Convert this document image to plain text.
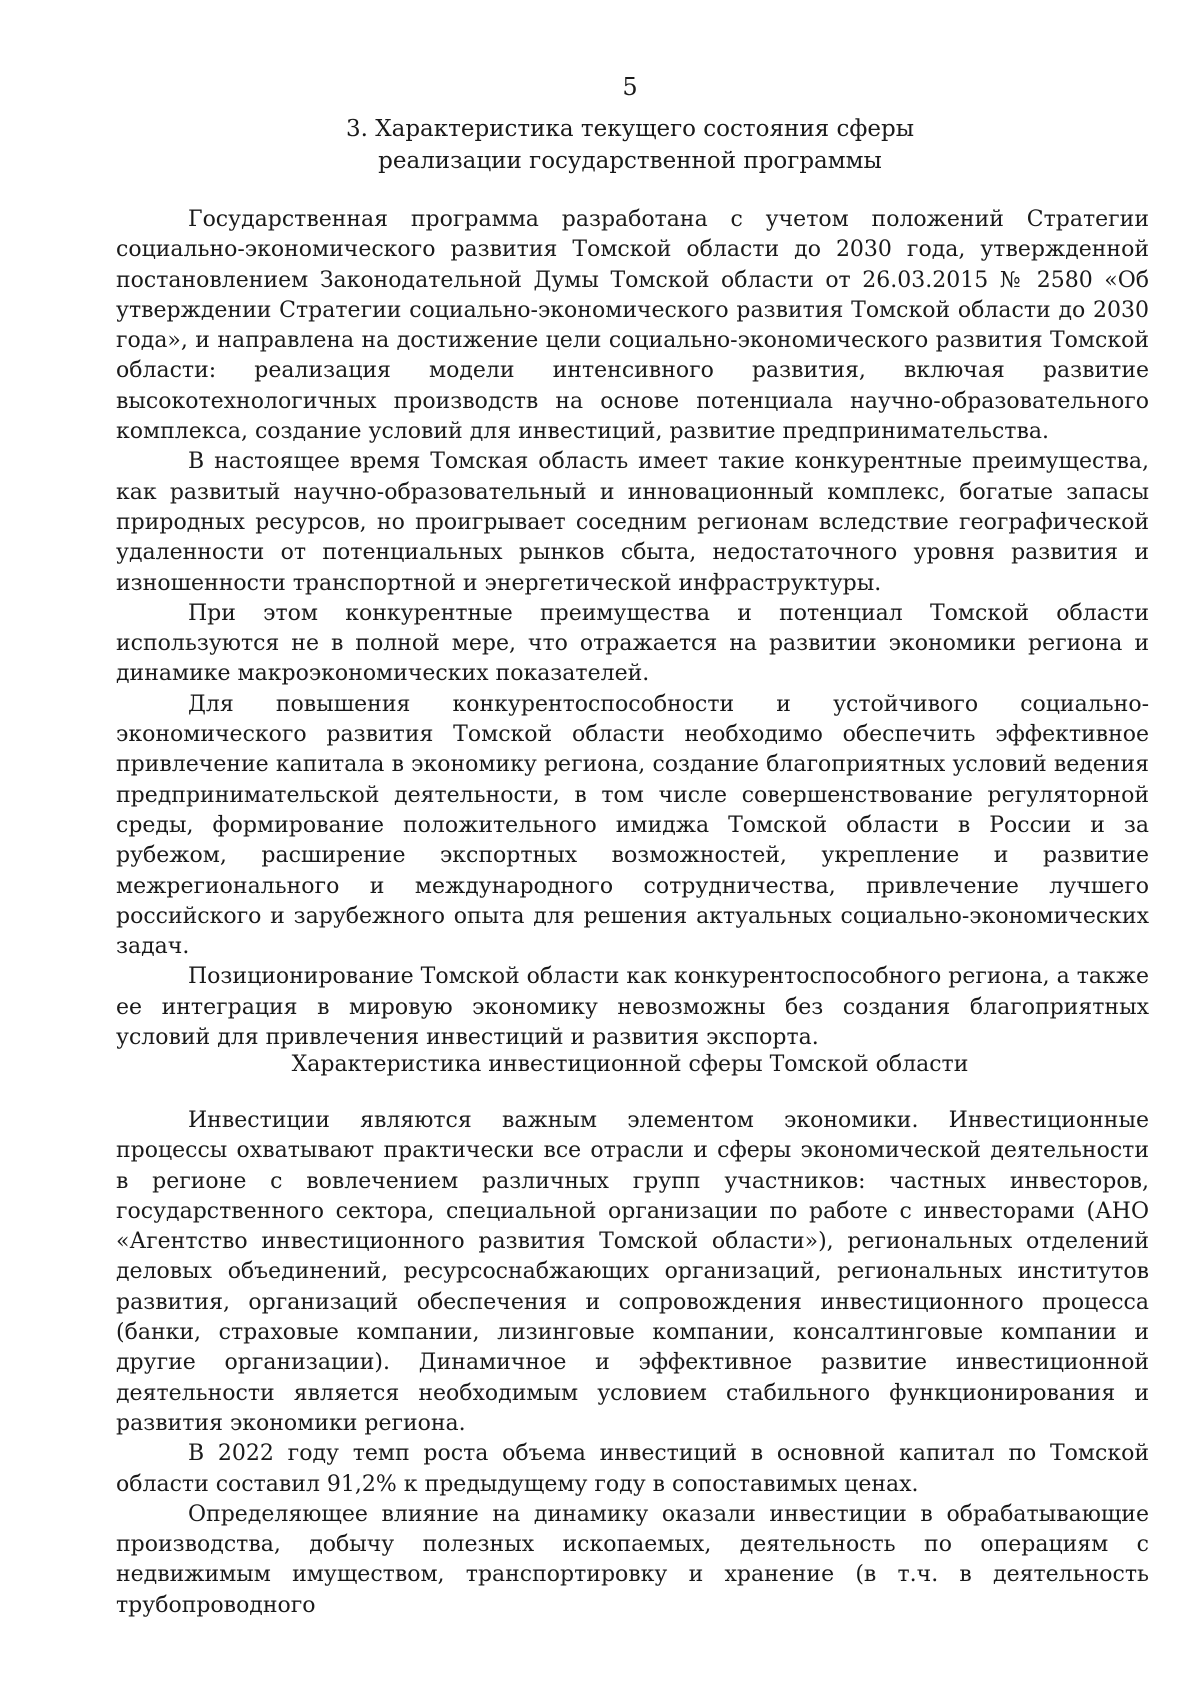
5
3. Характеристика текущего состояния сферы
реализации государственной программы

Государственная программа разработана с учетом положений Стратегии социально-экономического развития Томской области до 2030 года, утвержденной постановлением Законодательной Думы Томской области от 26.03.2015 № 2580 «Об утверждении Стратегии социально-экономического развития Томской области до 2030 года», и направлена на достижение цели социально-экономического развития Томской области: реализация модели интенсивного развития, включая развитие высокотехнологичных производств на основе потенциала научно-образовательного комплекса, создание условий для инвестиций, развитие предпринимательства.

В настоящее время Томская область имеет такие конкурентные преимущества, как развитый научно-образовательный и инновационный комплекс, богатые запасы природных ресурсов, но проигрывает соседним регионам вследствие географической удаленности от потенциальных рынков сбыта, недостаточного уровня развития и изношенности транспортной и энергетической инфраструктуры.

При этом конкурентные преимущества и потенциал Томской области используются не в полной мере, что отражается на развитии экономики региона и динамике макроэкономических показателей.

Для повышения конкурентоспособности и устойчивого социально-экономического развития Томской области необходимо обеспечить эффективное привлечение капитала в экономику региона, создание благоприятных условий ведения предпринимательской деятельности, в том числе совершенствование регуляторной среды, формирование положительного имиджа Томской области в России и за рубежом, расширение экспортных возможностей, укрепление и развитие межрегионального и международного сотрудничества, привлечение лучшего российского и зарубежного опыта для решения актуальных социально-экономических задач.

Позиционирование Томской области как конкурентоспособного региона, а также ее интеграция в мировую экономику невозможны без создания благоприятных условий для привлечения инвестиций и развития экспорта.

Характеристика инвестиционной сферы Томской области

Инвестиции являются важным элементом экономики. Инвестиционные процессы охватывают практически все отрасли и сферы экономической деятельности в регионе с вовлечением различных групп участников: частных инвесторов, государственного сектора, специальной организации по работе с инвесторами (АНО «Агентство инвестиционного развития Томской области»), региональных отделений деловых объединений, ресурсоснабжающих организаций, региональных институтов развития, организаций обеспечения и сопровождения инвестиционного процесса (банки, страховые компании, лизинговые компании, консалтинговые компании и другие организации). Динамичное и эффективное развитие инвестиционной деятельности является необходимым условием стабильного функционирования и развития экономики региона.

В 2022 году темп роста объема инвестиций в основной капитал по Томской области составил 91,2% к предыдущему году в сопоставимых ценах.

Определяющее влияние на динамику оказали инвестиции в обрабатывающие производства, добычу полезных ископаемых, деятельность по операциям с недвижимым имуществом, транспортировку и хранение (в т.ч. в деятельность трубопроводного
